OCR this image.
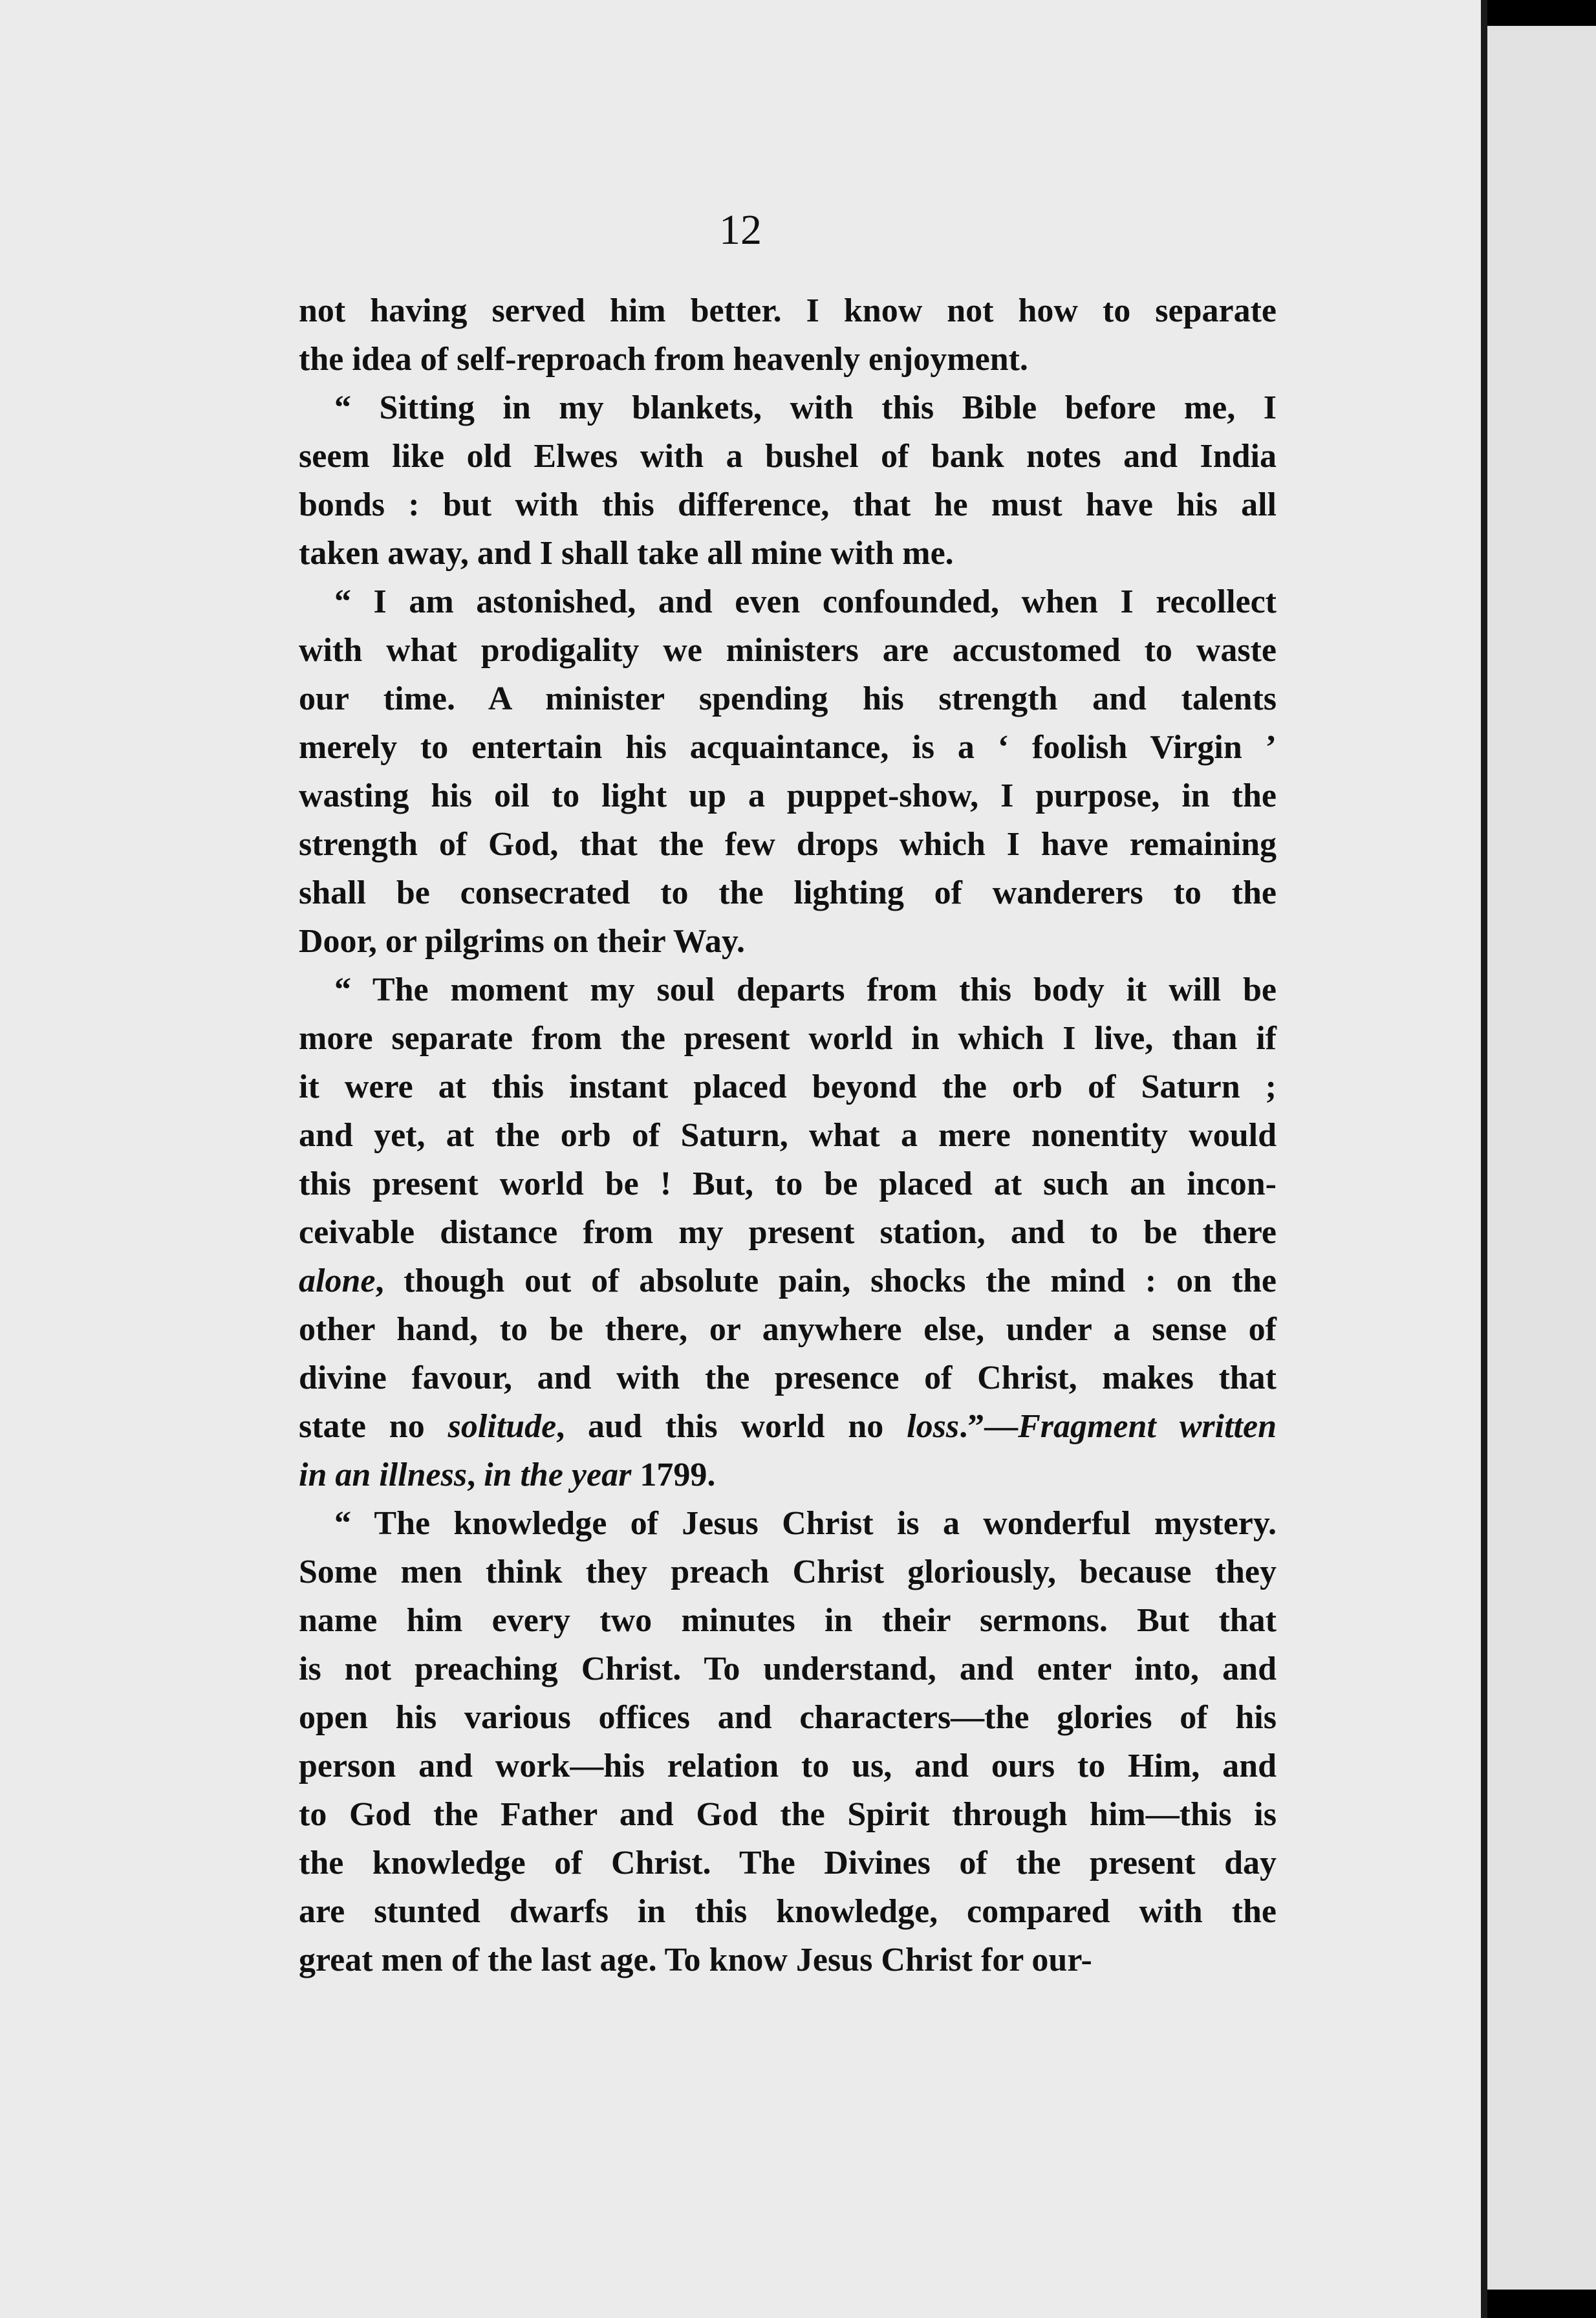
12
not having served him better. I know not how to separate
the idea of self-reproach from heavenly enjoyment.
“ Sitting in my blankets, with this Bible before me, I
seem like old Elwes with a bushel of bank notes and India
bonds : but with this difference, that he must have his all
taken away, and I shall take all mine with me.
“ I am astonished, and even confounded, when I recollect
with what prodigality we ministers are accustomed to waste
our time. A minister spending his strength and talents
merely to entertain his acquaintance, is a ‘ foolish Virgin ’
wasting his oil to light up a puppet-show, I purpose, in the
strength of God, that the few drops which I have remaining
shall be consecrated to the lighting of wanderers to the
Door, or pilgrims on their Way.
“ The moment my soul departs from this body it will be
more separate from the present world in which I live, than if
it were at this instant placed beyond the orb of Saturn ;
and yet, at the orb of Saturn, what a mere nonentity would
this present world be ! But, to be placed at such an incon-
ceivable distance from my present station, and to be there
alone, though out of absolute pain, shocks the mind : on the
other hand, to be there, or anywhere else, under a sense of
divine favour, and with the presence of Christ, makes that
state no solitude, aud this world no loss.”—Fragment written
in an illness, in the year 1799.
“ The knowledge of Jesus Christ is a wonderful mystery.
Some men think they preach Christ gloriously, because they
name him every two minutes in their sermons. But that
is not preaching Christ. To understand, and enter into, and
open his various offices and characters—the glories of his
person and work—his relation to us, and ours to Him, and
to God the Father and God the Spirit through him—this is
the knowledge of Christ. The Divines of the present day
are stunted dwarfs in this knowledge, compared with the
great men of the last age. To know Jesus Christ for our-
